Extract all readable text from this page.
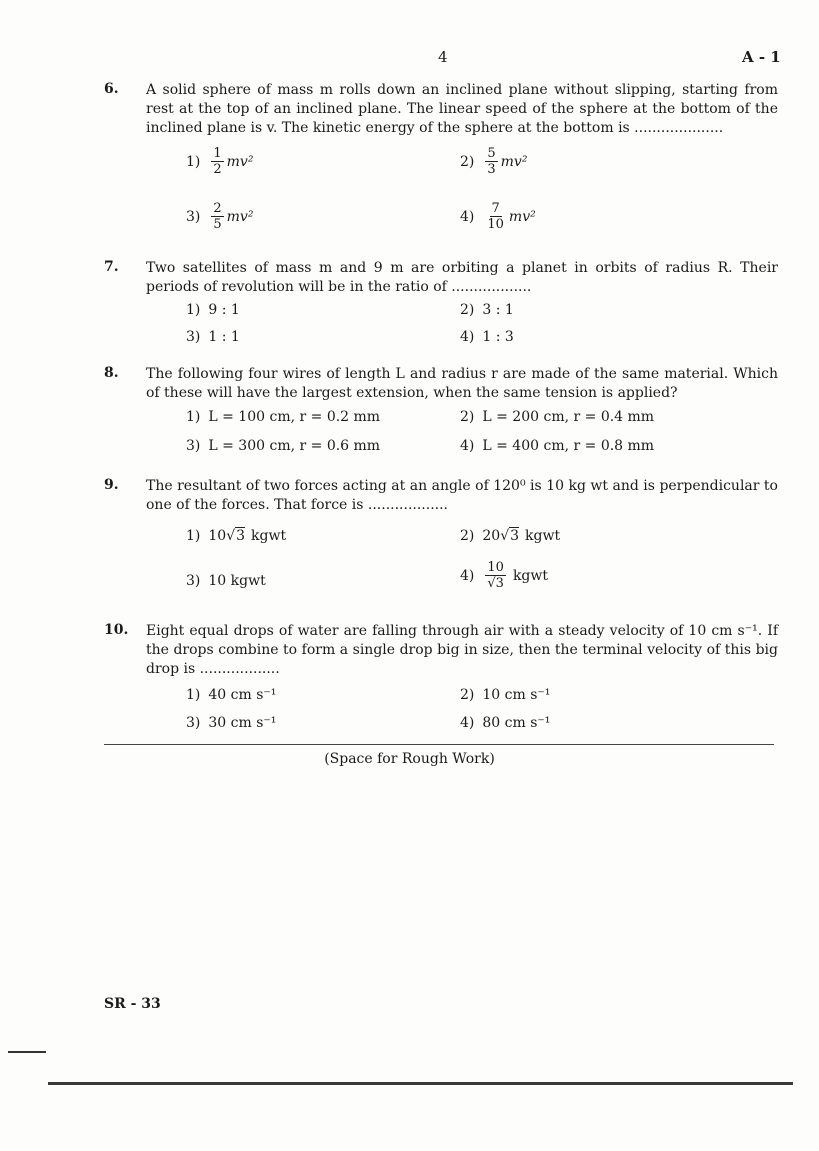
4	A - 1
6. A solid sphere of mass m rolls down an inclined plane without slipping, starting from rest at the top of an inclined plane. The linear speed of the sphere at the bottom of the inclined plane is v. The kinetic energy of the sphere at the bottom is ....................
$1) \frac{1}{2} mv^2$	$2) \frac{5}{3} mv^2$
$3) \frac{2}{5} mv^2$	$4) \frac{7}{10} mv^2$
7. Two satellites of mass m and 9 m are orbiting a planet in orbits of radius R. Their periods of revolution will be in the ratio of ..................
1) 9 : 1	2) 3 : 1
3) 1 : 1	4) 1 : 3
8. The following four wires of length L and radius r are made of the same material. Which of these will have the largest extension, when the same tension is applied?
1) L = 100 cm, r = 0.2 mm	2) L = 200 cm, r = 0.4 mm
3) L = 300 cm, r = 0.6 mm	4) L = 400 cm, r = 0.8 mm
9. The resultant of two forces acting at an angle of 120⁰ is 10 kg wt and is perpendicular to one of the forces. That force is ..................
1) 10√ 3 kgwt	2) 20√ 3 kgwt
3) 10 kgwt	$4) \frac{10}{√3}$ kgwt
10. Eight equal drops of water are falling through air with a steady velocity of 10 cm s⁻¹. If the drops combine to form a single drop big in size, then the terminal velocity of this big drop is ..................
1) 40 cm s⁻¹	2) 10 cm s⁻¹
3) 30 cm s⁻¹	4) 80 cm s⁻¹
(Space for Rough Work)
SR - 33
